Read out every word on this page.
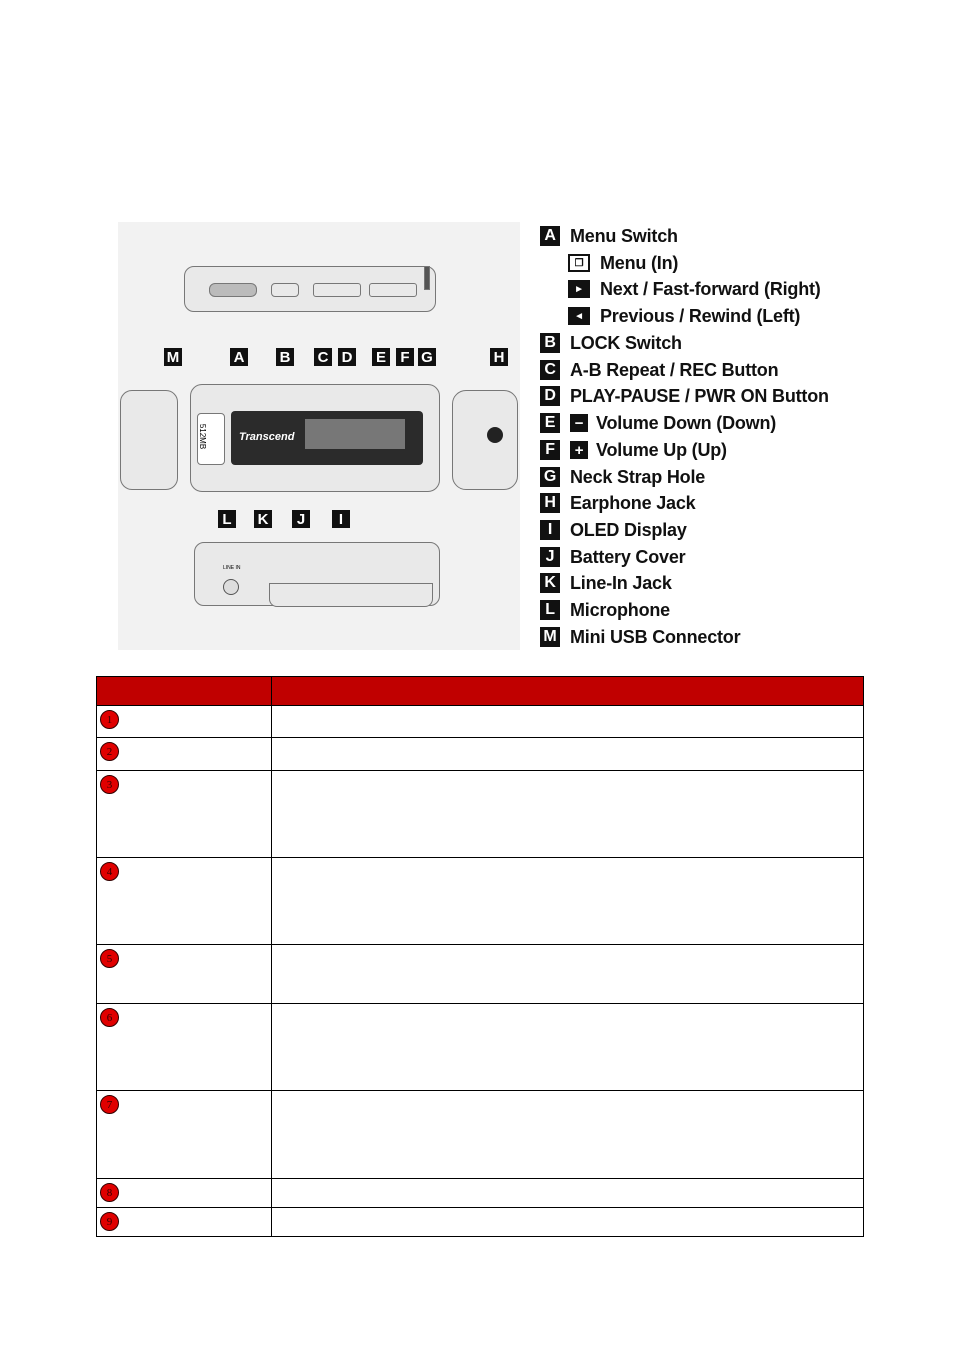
M	A B C D E F G	H
512MB	Transcend
L K	J	I
LINE IN
A Menu Switch
❐ Menu (In)
► Next / Fast-forward (Right)
◄ Previous / Rewind (Left)
B LOCK Switch
C A-B Repeat / REC Button
D PLAY-PAUSE / PWR ON Button
E	− Volume Down (Down)
F	+ Volume Up (Up)
G Neck Strap Hole
H Earphone Jack
I OLED Display
J Battery Cover
K Line-In Jack
L Microphone
M Mini USB Connector

1	
2	
3	
4	
5	
6	
7	
8	
9	
